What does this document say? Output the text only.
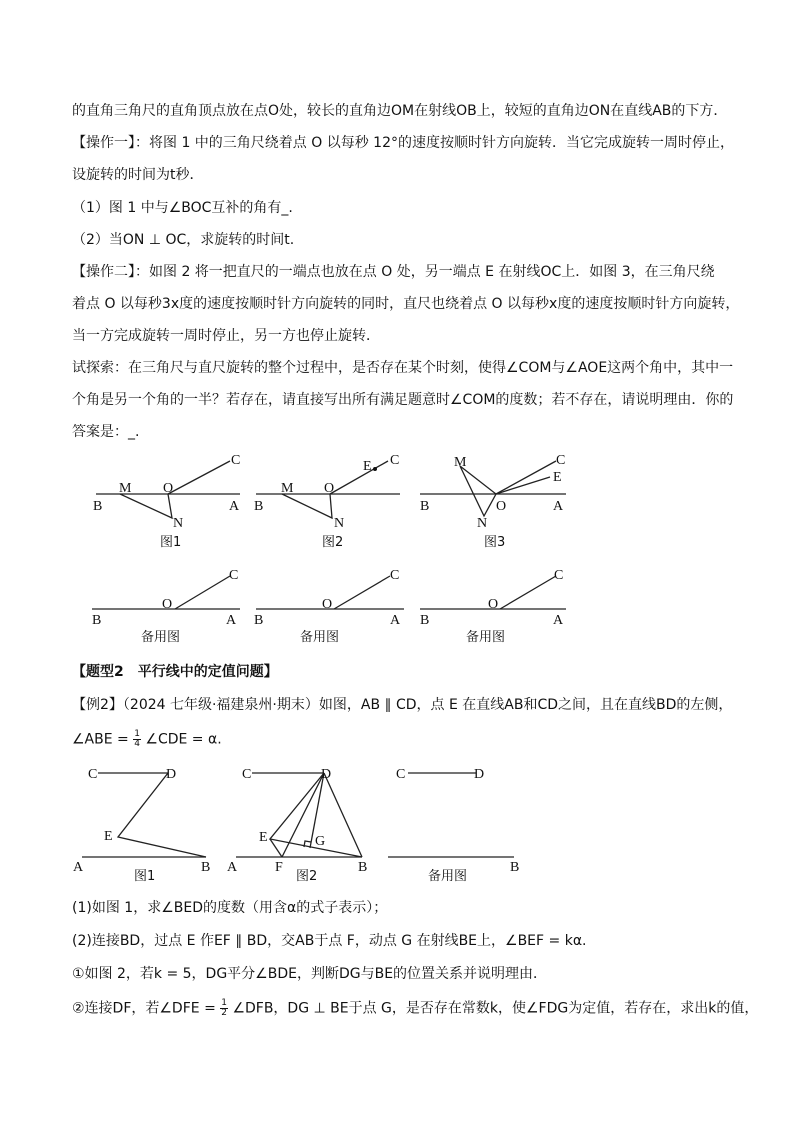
的直角三角尺的直角顶点放在点O处，较长的直角边OM在射线OB上，较短的直角边ON在直线AB的下方．
【操作一】：将图 1 中的三角尺绕着点 O 以每秒 12°的速度按顺时针方向旋转．当它完成旋转一周时停止，
设旋转的时间为t秒．
（1）图 1 中与∠BOC互补的角有_.
（2）当ON ⊥ OC，求旋转的时间t.
【操作二】：如图 2 将一把直尺的一端点也放在点 O 处，另一端点 E 在射线OC上．如图 3，在三角尺绕
着点 O 以每秒3x度的速度按顺时针方向旋转的同时，直尺也绕着点 O 以每秒x度的速度按顺时针方向旋转，
当一方完成旋转一周时停止，另一方也停止旋转．
试探索：在三角尺与直尺旋转的整个过程中，是否存在某个时刻，使得∠COM与∠AOE这两个角中，其中一
个角是另一个角的一半？若存在，请直接写出所有满足题意时∠COM的度数；若不存在，请说明理由．你的
答案是：_.
B
M O
N
A
C
图1
B
M O
N
E C
图2
B
M
O
N
A
E
C
图3
B
O
A
C
备用图
B
O
A
C
备用图
B
O
A
C
备用图
【题型2　平行线中的定值问题】
【例2】（2024 七年级·福建泉州·期末）如图，AB ∥ CD，点 E 在直线AB和CD之间，且在直线BD的左侧，
∠ABE = $\frac{1}{4}$ ∠CDE = α.
C	D
E
A	B
图1
C	D
E	G
A	F	B
图2
C	D
B
备用图
(1)如图 1，求∠BED的度数（用含α的式子表示）；
(2)连接BD，过点 E 作EF ∥ BD，交AB于点 F，动点 G 在射线BE上，∠BEF = kα.
①如图 2，若k = 5，DG平分∠BDE，判断DG与BE的位置关系并说明理由．
②连接DF，若∠DFE = $\frac{1}{2}$ ∠DFB，DG ⊥ BE于点 G，是否存在常数k，使∠FDG为定值，若存在，求出k的值，
